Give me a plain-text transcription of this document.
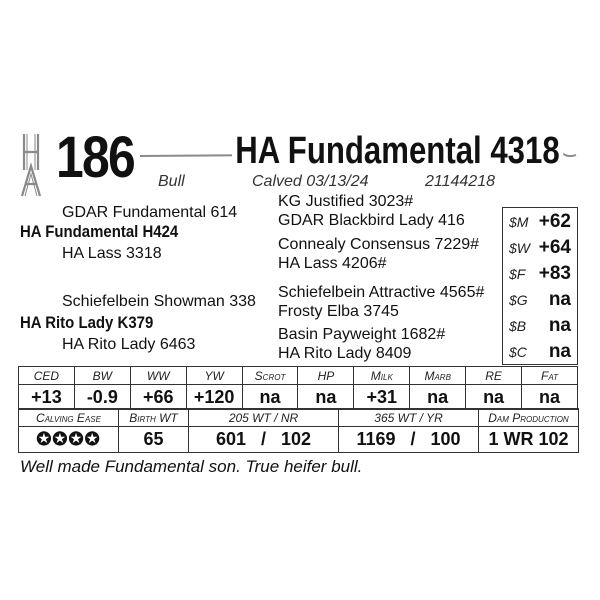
186	HA Fundamental 4318
Bull	Calved 03/13/24	21144218
GDAR Fundamental 614
HA Fundamental H424
HA Lass 3318
Schiefelbein Showman 338
HA Rito Lady K379
HA Rito Lady 6463
KG Justified 3023#
GDAR Blackbird Lady 416
Connealy Consensus 7229#
HA Lass 4206#
Schiefelbein Attractive 4565#
Frosty Elba 3745
Basin Payweight 1682#
HA Rito Lady 8409
$M +62
$W +64
$F +83
$G na
$B na
$C na
CED	BW	WW	YW	Scrot	HP	Milk	Marb	RE	Fat
+13	-0.9	+66	+120	na	na	+31	na	na	na
Calving Ease	Birth WT	205 WT / NR	365 WT / YR	Dam Production
✪✪✪✪	65	601   /   102	1169   /   100	1 WR 102
Well made Fundamental son. True heifer bull.
